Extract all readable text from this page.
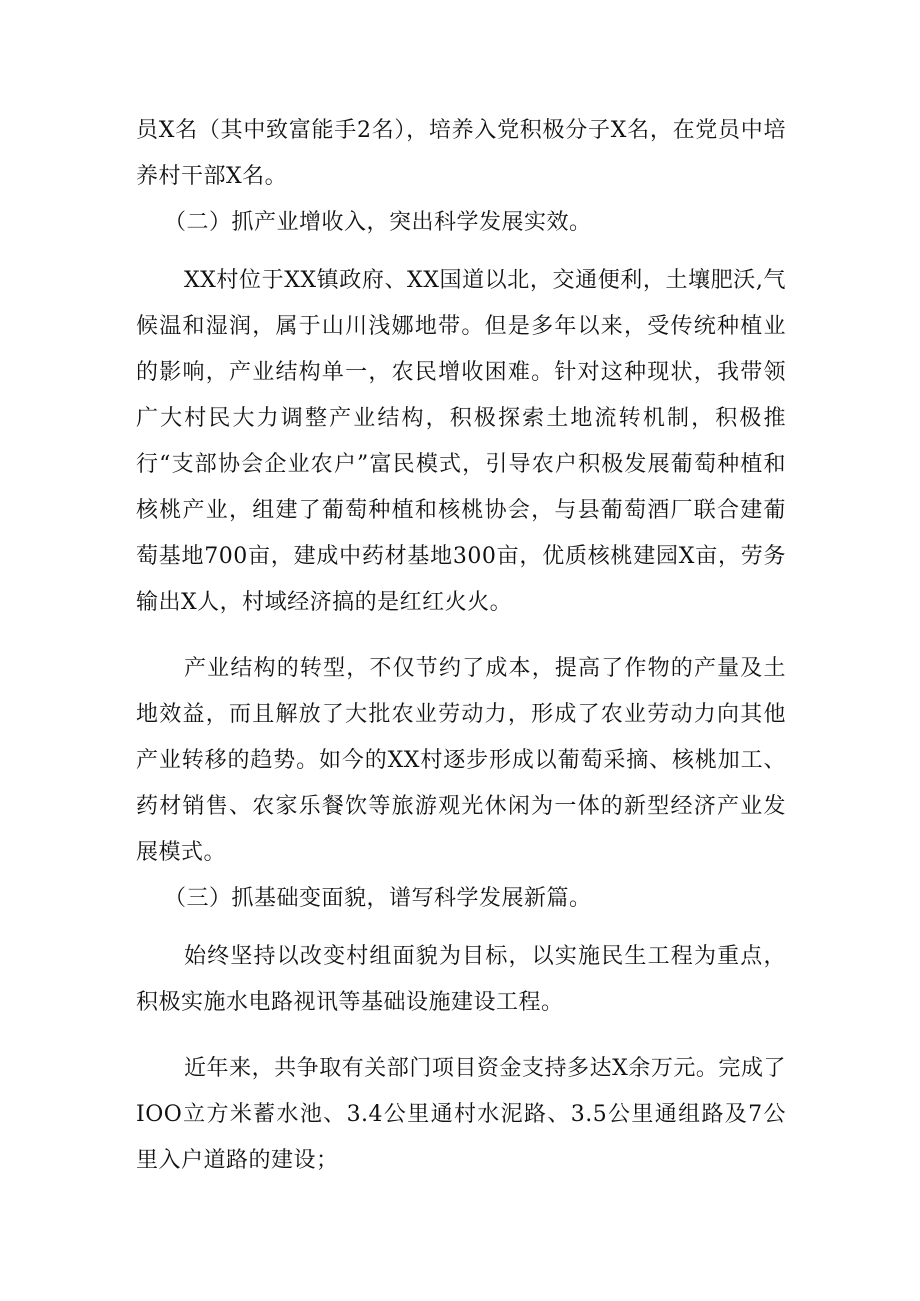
员X名（其中致富能手2名），培养入党积极分子X名，在党员中培养村干部X名。

（二）抓产业增收入，突出科学发展实效。

XX村位于XX镇政府、XX国道以北，交通便利，土壤肥沃,气候温和湿润，属于山川浅娜地带。但是多年以来，受传统种植业的影响，产业结构单一，农民增收困难。针对这种现状，我带领广大村民大力调整产业结构，积极探索土地流转机制，积极推行“支部协会企业农户”富民模式，引导农户积极发展葡萄种植和核桃产业，组建了葡萄种植和核桃协会，与县葡萄酒厂联合建葡萄基地700亩，建成中药材基地300亩，优质核桃建园X亩，劳务输出X人，村域经济搞的是红红火火。

产业结构的转型，不仅节约了成本，提高了作物的产量及土地效益，而且解放了大批农业劳动力，形成了农业劳动力向其他产业转移的趋势。如今的XX村逐步形成以葡萄采摘、核桃加工、药材销售、农家乐餐饮等旅游观光休闲为一体的新型经济产业发展模式。

（三）抓基础变面貌，谱写科学发展新篇。

始终坚持以改变村组面貌为目标，以实施民生工程为重点，积极实施水电路视讯等基础设施建设工程。

近年来，共争取有关部门项目资金支持多达X余万元。完成了IOO立方米蓄水池、3.4公里通村水泥路、3.5公里通组路及7公里入户道路的建设；
